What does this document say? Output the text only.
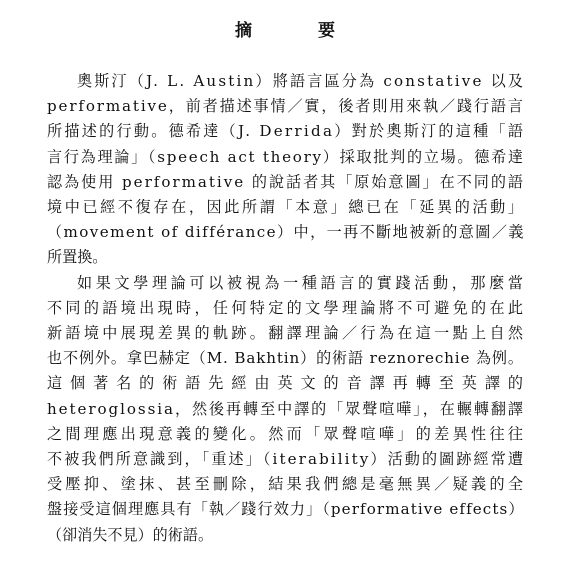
摘 要

奧斯汀（J. L. Austin）將語言區分為 constative 以及

performative，前者描述事情／實，後者則用來執／踐行語言

所描述的行動。德希達（J. Derrida）對於奧斯汀的這種「語

言行為理論」（speech act theory）採取批判的立場。德希達

認為使用 performative 的說話者其「原始意圖」在不同的語

境中已經不復存在，因此所謂「本意」總已在「延異的活動」

（movement of différance）中，一再不斷地被新的意圖／義

所置換。

如果文學理論可以被視為一種語言的實踐活動，那麼當

不同的語境出現時，任何特定的文學理論將不可避免的在此

新語境中展現差異的軌跡。翻譯理論／行為在這一點上自然

也不例外。拿巴赫定（M. Bakhtin）的術語 reznorechie 為例。

這個著名的術語先經由英文的音譯再轉至英譯的

heteroglossia，然後再轉至中譯的「眾聲喧嘩」，在輾轉翻譯

之間理應出現意義的變化。然而「眾聲喧嘩」的差異性往往

不被我們所意識到，「重述」（iterability）活動的圖跡經常遭

受壓抑、塗抹、甚至刪除，結果我們總是毫無異／疑義的全

盤接受這個理應具有「執／踐行效力」（performative effects）

（卻消失不見）的術語。
